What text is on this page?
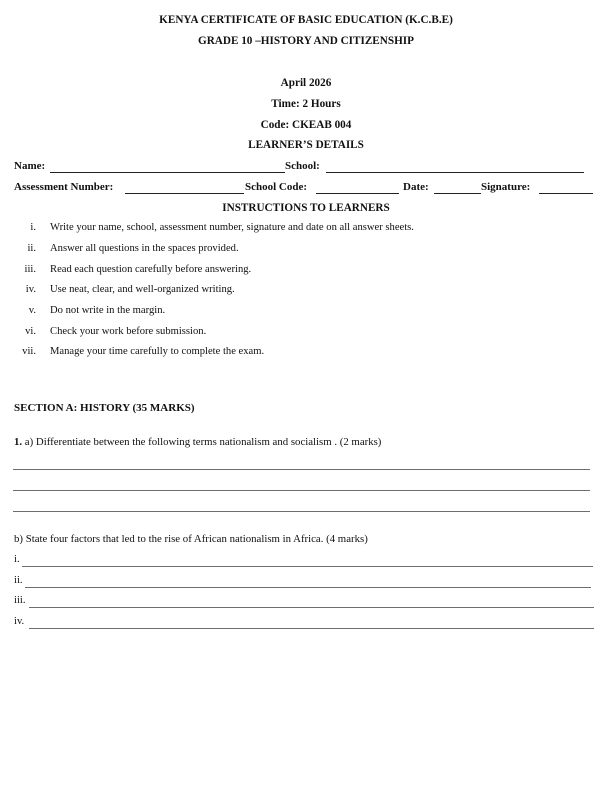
KENYA CERTIFICATE OF BASIC EDUCATION (K.C.B.E)
GRADE 10 –HISTORY AND CITIZENSHIP
April 2026
Time: 2 Hours
Code: CKEAB 004
LEARNER’S DETAILS
Name:	School:
Assessment Number:	School Code:	Date:	Signature:
INSTRUCTIONS TO LEARNERS
i. Write your name, school, assessment number, signature and date on all answer sheets.
ii. Answer all questions in the spaces provided.
iii. Read each question carefully before answering.
iv. Use neat, clear, and well-organized writing.
v. Do not write in the margin.
vi. Check your work before submission.
vii. Manage your time carefully to complete the exam.
SECTION A: HISTORY (35 MARKS)
1. a) Differentiate between the following terms nationalism and socialism . (2 marks)
b) State four factors that led to the rise of African nationalism in Africa. (4 marks)
i.
ii.
iii.
iv.
